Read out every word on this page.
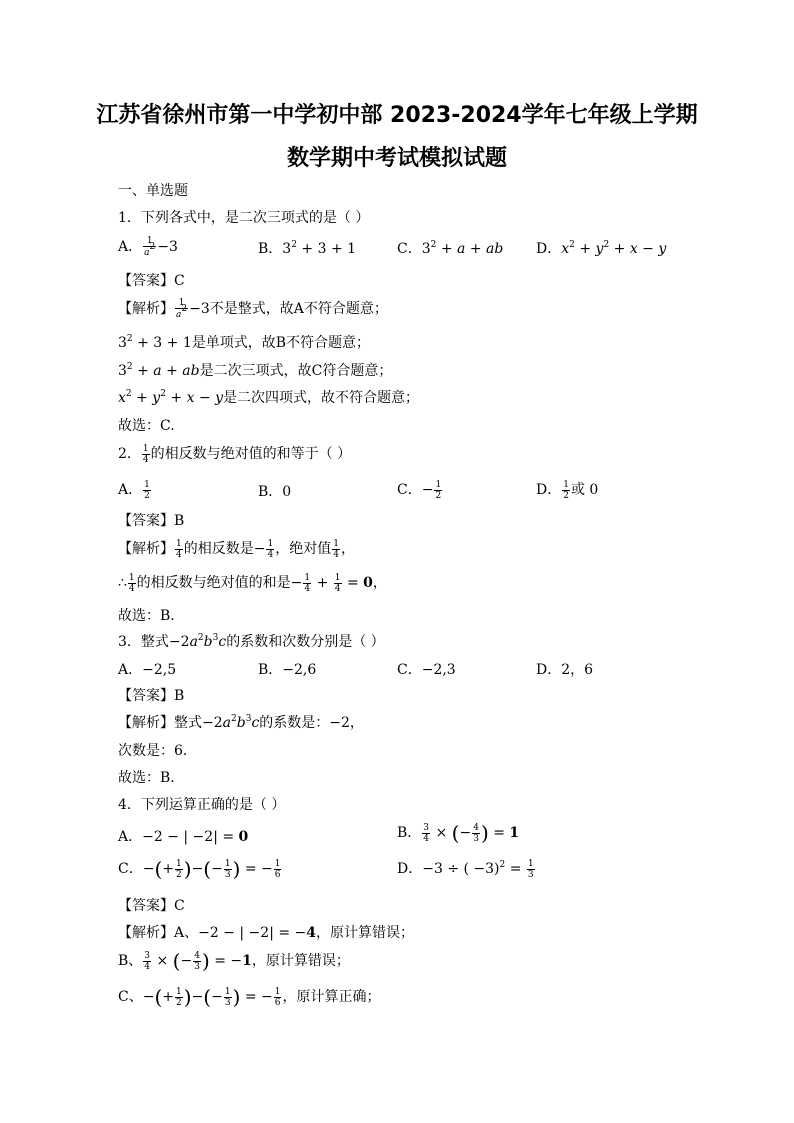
江苏省徐州市第一中学初中部 2023-2024学年七年级上学期
数学期中考试模拟试题
一、单选题
1．下列各式中，是二次三项式的是（ ）
A． $\frac{1}{a^2} -3$	B．$3^2 + 3 + 1$	C．$3^2 + a$ + ab D．$x^2 + y^2 + x - y$
【答案】C
【解析】 $\frac{1}{a^2} -3$不是整式，故A不符合题意；
$3^2 + 3 + 1$是单项式，故B不符合题意；
$3^2 + a$ + ab是二次三项式，故C符合题意；
$x^2 + y^2 + x - y$是二次四项式，故不符合题意；
故选：C.
2． $\frac{1}{4}$ 的相反数与绝对值的和等于（ ）
A． $\frac{1}{2}$	B．0	C．− $\frac{1}{2}$	D． $\frac{1}{2}$ 或 0
【答案】B
【解析】 $\frac{1}{4}$ 的相反数是− $\frac{1}{4}$ ，绝对值 $\frac{1}{4}$ ，
∴ $\frac{1}{4}$ 的相反数与绝对值的和是− $\frac{1}{4} + \frac{1}{4} = 0$，
故选：B.
3．整式$-2a^2b^3c$的系数和次数分别是（ ）
A．−2,5	B．−2,6	C．−2,3	D．2，6
【答案】B
【解析】整式$-2a^2b^3c$的系数是：−2，
次数是：6.
故选：B.
4．下列运算正确的是（ ）
A．−2 − | −2| = 0	B． $\frac{3}{4}$ × (− $\frac{4}{3}$ ) = 1
C．−(+ $\frac{1}{2}$ )−(− $\frac{1}{3}$ ) = − $\frac{1}{6}$	D．−3 ÷ ( $-3)^2 = \frac{1}{3}$
【答案】C
【解析】A、−2 − | −2| = −4，原计算错误；
B、 $\frac{3}{4}$ × (− $\frac{4}{3}$ ) = −1，原计算错误；
C、−(+ $\frac{1}{2}$ )−(− $\frac{1}{3}$ ) = − $\frac{1}{6}$ ，原计算正确；
